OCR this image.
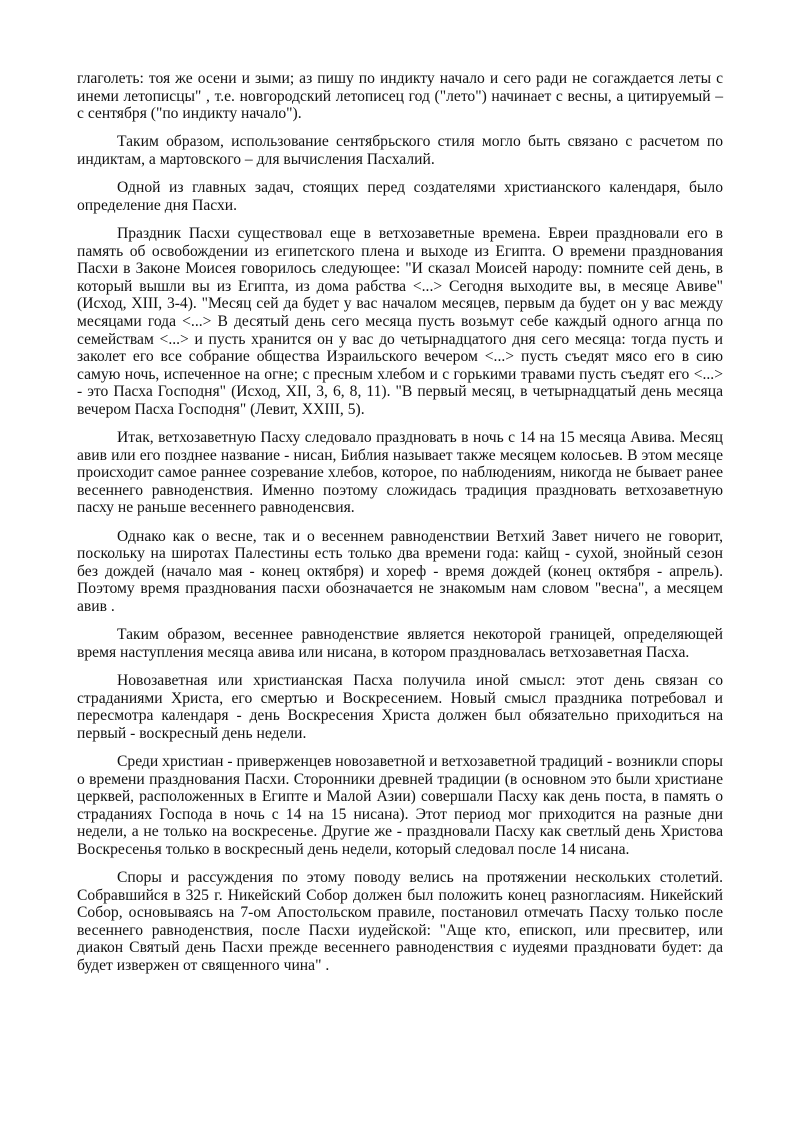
глаголеть: тоя же осени и зыми; аз пишу по индикту начало и сего ради не согаждается леты с инеми летописцы" , т.е. новгородский летописец год ("лето") начинает с весны, а цитируемый – с сентября ("по индикту начало").

Таким образом, использование сентябрьского стиля могло быть связано с расчетом по индиктам, а мартовского – для вычисления Пасхалий.

Одной из главных задач, стоящих перед создателями христианского календаря, было определение дня Пасхи.

Праздник Пасхи существовал еще в ветхозаветные времена. Евреи праздновали его в память об освобождении из египетского плена и выходе из Египта. О времени празднования Пасхи в Законе Моисея говорилось следующее: "И сказал Моисей народу: помните сей день, в который вышли вы из Египта, из дома рабства <...> Сегодня выходите вы, в месяце Авиве" (Исход, XIII, 3-4). "Месяц сей да будет у вас началом месяцев, первым да будет он у вас между месяцами года <...> В десятый день сего месяца пусть возьмут себе каждый одного агнца по семействам <...> и пусть хранится он у вас до четырнадцатого дня сего месяца: тогда пусть и заколет его все собрание общества Израильского вечером <...> пусть съедят мясо его в сию самую ночь, испеченное на огне; с пресным хлебом и с горькими травами пусть съедят его <...> - это Пасха Господня" (Исход, XII, 3, 6, 8, 11). "В первый месяц, в четырнадцатый день месяца вечером Пасха Господня" (Левит, XXIII, 5).

Итак, ветхозаветную Пасху следовало праздновать в ночь с 14 на 15 месяца Авива. Месяц авив или его позднее название - нисан, Библия называет также месяцем колосьев. В этом месяце происходит самое раннее созревание хлебов, которое, по наблюдениям, никогда не бывает ранее весеннего равноденствия. Именно поэтому сложидась традиция праздновать ветхозаветную пасху не раньше весеннего равноденсвия.

Однако как о весне, так и о весеннем равноденствии Ветхий Завет ничего не говорит, поскольку на широтах Палестины есть только два времени года: кайщ - сухой, знойный сезон без дождей (начало мая - конец октября) и хореф - время дождей (конец октября - апрель). Поэтому время празднования пасхи обозначается не знакомым нам словом "весна", а месяцем авив .

Таким образом, весеннее равноденствие является некоторой границей, определяющей время наступления месяца авива или нисана, в котором праздновалась ветхозаветная Пасха.

Новозаветная или христианская Пасха получила иной смысл: этот день связан со страданиями Христа, его смертью и Воскресением. Новый смысл праздника потребовал и пересмотра календаря - день Воскресения Христа должен был обязательно приходиться на первый - воскресный день недели.

Среди христиан - приверженцев новозаветной и ветхозаветной традиций - возникли споры о времени празднования Пасхи. Сторонники древней традиции (в основном это были христиане церквей, расположенных в Египте и Малой Азии) совершали Пасху как день поста, в память о страданиях Господа в ночь с 14 на 15 нисана). Этот период мог приходится на разные дни недели, а не только на воскресенье. Другие же - праздновали Пасху как светлый день Христова Воскресенья только в воскресный день недели, который следовал после 14 нисана.

Споры и рассуждения по этому поводу велись на протяжении нескольких столетий. Собравшийся в 325 г. Никейский Собор должен был положить конец разногласиям. Никейский Собор, основываясь на 7-ом Апостольском правиле, постановил отмечать Пасху только после весеннего равноденствия, после Пасхи иудейской: "Аще кто, епископ, или пресвитер, или диакон Святый день Пасхи прежде весеннего равноденствия с иудеями праздновати будет: да будет извержен от священного чина" .
